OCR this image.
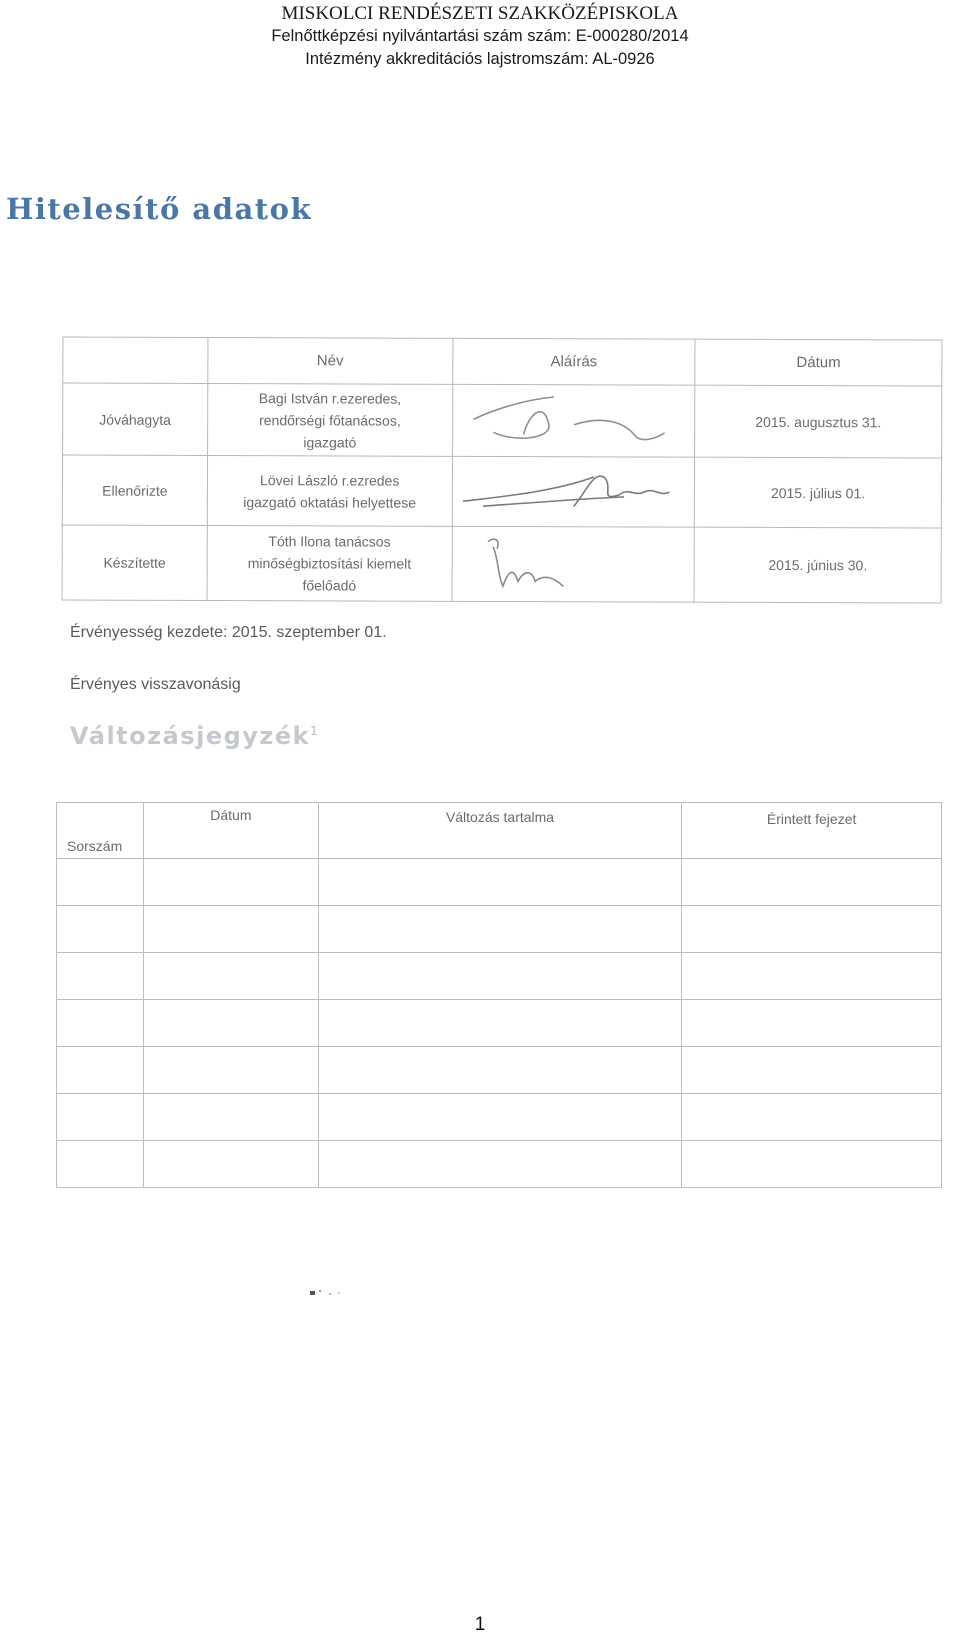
MISKOLCI RENDÉSZETI SZAKKÖZÉPISKOLA
Felnőttképzési nyilvántartási szám szám: E-000280/2014
Intézmény akkreditációs lajstromszám: AL-0926
Hitelesítő adatok
	Név	Aláírás	Dátum
Jóváhagyta	Bagi István r.ezeredes,
rendőrségi főtanácsos,
igazgató		2015. augusztus 31.
Ellenőrizte	Lövei László r.ezredes
igazgató oktatási helyettese		2015. július 01.
Készítette	Tóth Ilona tanácsos
minőségbiztosítási kiemelt
főelőadó		2015. június 30.
Érvényesség kezdete: 2015. szeptember 01.
Érvényes visszavonásig
Változásjegyzék$^1$
Sorszám	Dátum	Változás tartalma	Érintett fejezet

1
